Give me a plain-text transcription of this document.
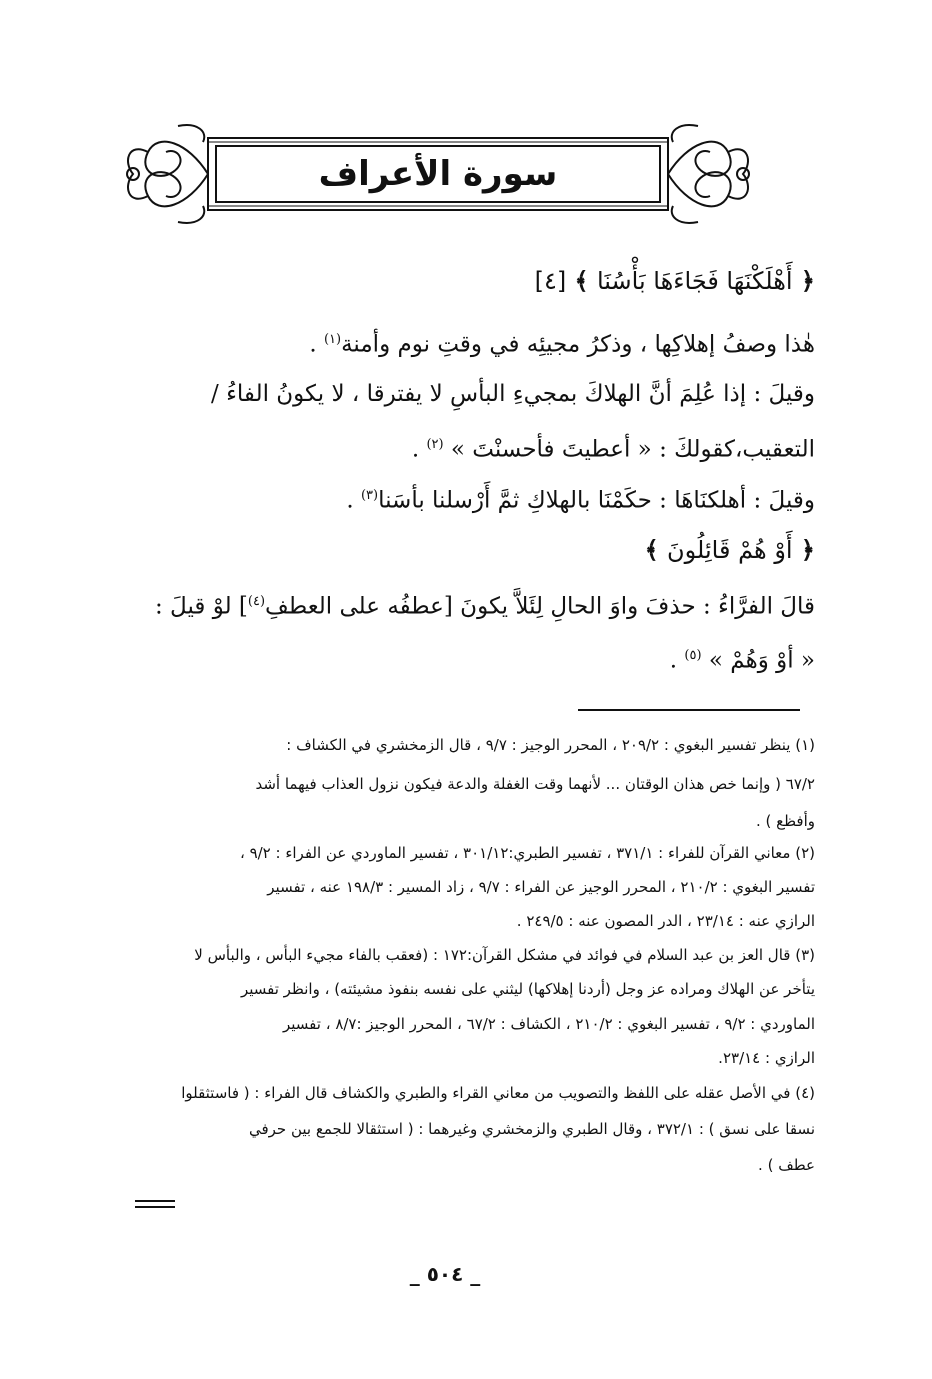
سورة الأعراف
﴿ أَهْلَكْنَهَا فَجَاءَهَا بَأْسُنَا ﴾ [٤]
هٰذا وصفُ إهلاكِها ، وذكرُ مجيئِه في وقتِ نوم وأمنة$^{(١)}$ .
وقيلَ : إذا عُلِمَ أنَّ الهلاكَ بمجيءِ البأسِ لا يفترقا ، لا يكونُ الفاءُ /
التعقيب،كقولكَ : « أعطيتَ فأحسنْتَ » $^{(٢)}$ .
وقيلَ : أهلكنَاهَا : حكَمْنَا بالهلاكِ ثمَّ أَرْسلنا بأسَنا$^{(٣)}$ .
﴿ أَوْ هُمْ قَائِلُونَ ﴾
قالَ الفرَّاءُ : حذفَ واوَ الحالِ لِئَلاَّ يكونَ [عطفُه على العطفِ$^{(٤)}$] لوْ قيلَ :
« أوْ وَهُمْ » $^{(٥)}$ .
(١) ينظر تفسير البغوي : ٢٠٩/٢ ، المحرر الوجيز : ٩/٧ ، قال الزمخشري في الكشاف :
٦٧/٢ ( وإنما خص هذان الوقتان ... لأنهما وقت الغفلة والدعة فيكون نزول العذاب فيهما أشد
وأفظع ) .
(٢) معاني القرآن للفراء : ٣٧١/١ ، تفسير الطبري:٣٠١/١٢ ، تفسير الماوردي عن الفراء : ٩/٢ ،
تفسير البغوي : ٢١٠/٢ ، المحرر الوجيز عن الفراء : ٩/٧ ، زاد المسير : ١٩٨/٣ عنه ، تفسير
الرازي عنه : ٢٣/١٤ ، الدر المصون عنه : ٢٤٩/٥ .
(٣) قال العز بن عبد السلام في فوائد في مشكل القرآن:١٧٢ : (فعقب بالفاء مجيء البأس ، والبأس لا
يتأخر عن الهلاك ومراده عز وجل (أردنا إهلاكها) ليثني على نفسه بنفوذ مشيئته) ، وانظر تفسير
الماوردي : ٩/٢ ، تفسير البغوي : ٢١٠/٢ ، الكشاف : ٦٧/٢ ، المحرر الوجيز :٨/٧ ، تفسير
الرازي : ٢٣/١٤.
(٤) في الأصل عقله على اللفظ والتصويب من معاني القراء والطبري والكشاف قال الفراء : ( فاستثقلوا
نسقا على نسق ) : ٣٧٢/١ ، وقال الطبري والزمخشري وغيرهما : ( استثقالا للجمع بين حرفي
عطف ) .
_ ٥٠٤ _
